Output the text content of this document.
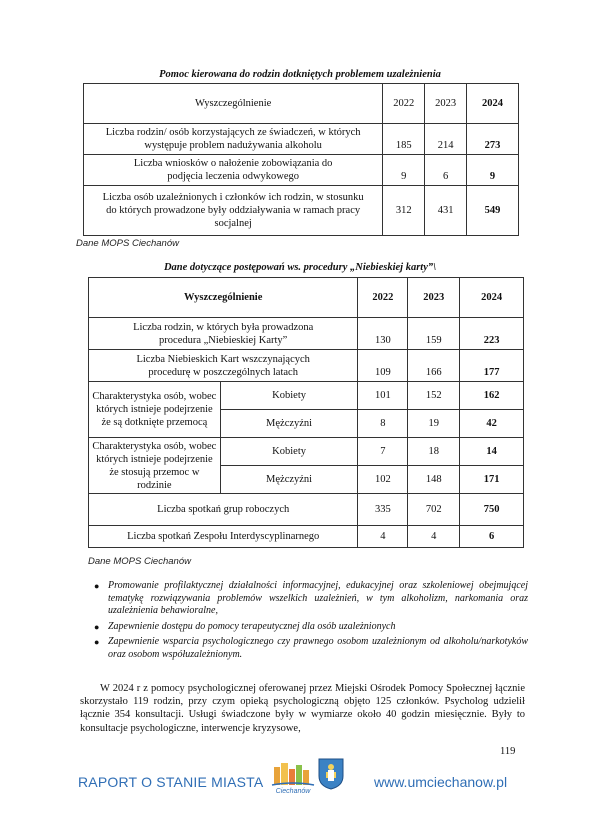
Pomoc kierowana do rodzin dotkniętych problemem uzależnienia
Wyszczególnienie	2022	2023	2024
Liczba rodzin/ osób korzystających ze świadczeń, w których występuje problem nadużywania alkoholu	185	214	273
Liczba wniosków o nałożenie zobowiązania do podjęcia leczenia odwykowego	9	6	9
Liczba osób uzależnionych i członków ich rodzin, w stosunku do których prowadzone były oddziaływania w ramach pracy socjalnej	312	431	549
Dane MOPS Ciechanów
Dane dotyczące postępowań ws. procedury „Niebieskiej karty”\
Wyszczególnienie		2022	2023	2024
Liczba rodzin, w których była prowadzona procedura „Niebieskiej Karty”		130	159	223
Liczba Niebieskich Kart wszczynających procedurę w poszczególnych latach		109	166	177
Charakterystyka osób, wobec których istnieje podejrzenie że są dotknięte przemocą	Kobiety	101	152	162
	Mężczyźni	8	19	42
Charakterystyka osób, wobec których istnieje podejrzenie że stosują przemoc w rodzinie	Kobiety	7	18	14
	Mężczyźni	102	148	171
Liczba spotkań grup roboczych		335	702	750
Liczba spotkań Zespołu Interdyscyplinarnego		4	4	6
Dane MOPS Ciechanów
● Promowanie profilaktycznej działalności informacyjnej, edukacyjnej oraz szkoleniowej obejmującej tematykę rozwiązywania problemów wszelkich uzależnień, w tym alkoholizm, narkomania oraz uzależnienia behawioralne,
● Zapewnienie dostępu do pomocy terapeutycznej dla osób uzależnionych
● Zapewnienie wsparcia psychologicznego czy prawnego osobom uzależnionym od alkoholu/narkotyków oraz osobom współuzależnionym.

W 2024 r z pomocy psychologicznej oferowanej przez Miejski Ośrodek Pomocy Społecznej łącznie skorzystało 119 rodzin, przy czym opieką psychologiczną objęto 125 członków. Psycholog udzielił łącznie 354 konsultacji. Usługi świadczone były w wymiarze około 40 godzin miesięcznie. Były to konsultacje psychologiczne, interwencje kryzysowe,

119
RAPORT O STANIE MIASTA
Ciechanów
www.umciechanow.pl
